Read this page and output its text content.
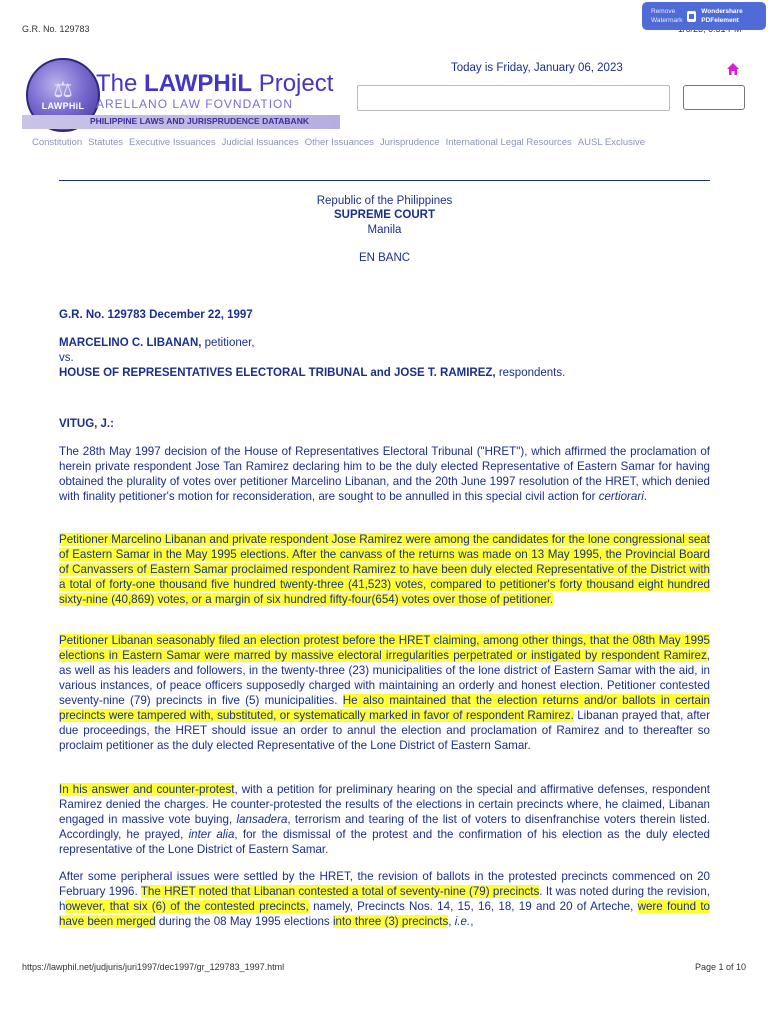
G.R. No. 129783
Remove Watermark
Wondershare PDFelement
⚖
LAWPHiL
The LAWPHiL Project
ARELLANO LAW FOVNDATION
PHILIPPINE LAWS AND JURISPRUDENCE DATABANK
Today is Friday, January 06, 2023
Constitution Statutes Executive Issuances Judicial Issuances Other Issuances Jurisprudence International Legal Resources AUSL Exclusive
Republic of the Philippines
SUPREME COURT
Manila
EN BANC
G.R. No. 129783 December 22, 1997
MARCELINO C. LIBANAN, petitioner,
vs.
HOUSE OF REPRESENTATIVES ELECTORAL TRIBUNAL and JOSE T. RAMIREZ, respondents.
VITUG, J.:
The 28th May 1997 decision of the House of Representatives Electoral Tribunal ("HRET"), which affirmed the proclamation of herein private respondent Jose Tan Ramirez declaring him to be the duly elected Representative of Eastern Samar for having obtained the plurality of votes over petitioner Marcelino Libanan, and the 20th June 1997 resolution of the HRET, which denied with finality petitioner's motion for reconsideration, are sought to be annulled in this special civil action for certiorari.
Petitioner Marcelino Libanan and private respondent Jose Ramirez were among the candidates for the lone congressional seat of Eastern Samar in the May 1995 elections. After the canvass of the returns was made on 13 May 1995, the Provincial Board of Canvassers of Eastern Samar proclaimed respondent Ramirez to have been duly elected Representative of the District with a total of forty-one thousand five hundred twenty-three (41,523) votes, compared to petitioner's forty thousand eight hundred sixty-nine (40,869) votes, or a margin of six hundred fifty-four(654) votes over those of petitioner.
Petitioner Libanan seasonably filed an election protest before the HRET claiming, among other things, that the 08th May 1995 elections in Eastern Samar were marred by massive electoral irregularities perpetrated or instigated by respondent Ramirez, as well as his leaders and followers, in the twenty-three (23) municipalities of the lone district of Eastern Samar with the aid, in various instances, of peace officers supposedly charged with maintaining an orderly and honest election. Petitioner contested seventy-nine (79) precincts in five (5) municipalities. He also maintained that the election returns and/or ballots in certain precincts were tampered with, substituted, or systematically marked in favor of respondent Ramirez. Libanan prayed that, after due proceedings, the HRET should issue an order to annul the election and proclamation of Ramirez and to thereafter so proclaim petitioner as the duly elected Representative of the Lone District of Eastern Samar.
In his answer and counter-protest, with a petition for preliminary hearing on the special and affirmative defenses, respondent Ramirez denied the charges. He counter-protested the results of the elections in certain precincts where, he claimed, Libanan engaged in massive vote buying, lansadera, terrorism and tearing of the list of voters to disenfranchise voters therein listed. Accordingly, he prayed, inter alia, for the dismissal of the protest and the confirmation of his election as the duly elected representative of the Lone District of Eastern Samar.
After some peripheral issues were settled by the HRET, the revision of ballots in the protested precincts commenced on 20 February 1996. The HRET noted that Libanan contested a total of seventy-nine (79) precincts. It was noted during the revision, however, that six (6) of the contested precincts, namely, Precincts Nos. 14, 15, 16, 18, 19 and 20 of Arteche, were found to have been merged during the 08 May 1995 elections into three (3) precincts, i.e.,
https://lawphil.net/judjuris/juri1997/dec1997/gr_129783_1997.html	Page 1 of 10
